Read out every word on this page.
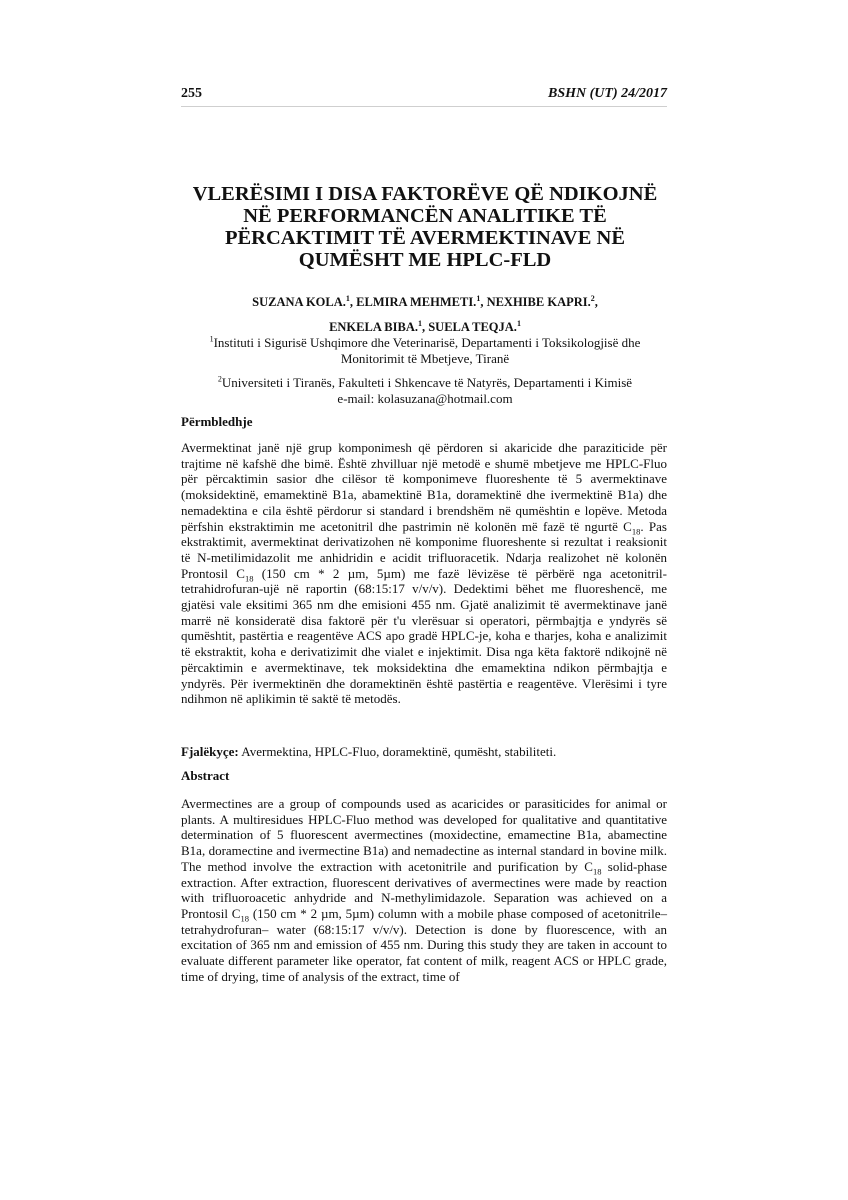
255	BSHN (UT) 24/2017
VLERËSIMI I DISA FAKTORËVE QË NDIKOJNË
NË PERFORMANCËN ANALITIKE TË
PËRCAKTIMIT TË AVERMEKTINAVE NË
QUMËSHT ME HPLC-FLD
SUZANA KOLA.$^1$, ELMIRA MEHMETI.$^1$, NEXHIBE KAPRI.$^2$,
ENKELA BIBA.$^1$, SUELA TEQJA.$^1$
$^1$Instituti i Sigurisë Ushqimore dhe Veterinarisë, Departamenti i Toksikologjisë dhe
Monitorimit të Mbetjeve, Tiranë
$^2$Universiteti i Tiranës, Fakulteti i Shkencave të Natyrës, Departamenti i Kimisë
e-mail: kolasuzana@hotmail.com
Përmbledhje
Avermektinat janë një grup komponimesh që përdoren si akaricide dhe paraziticide për trajtime në kafshë dhe bimë. Është zhvilluar një metodë e shumë mbetjeve me HPLC-Fluo për përcaktimin sasior dhe cilësor të komponimeve fluoreshente të 5 avermektinave (moksidektinë, emamektinë B1a, abamektinë B1a, doramektinë dhe ivermektinë B1a) dhe nemadektina e cila është përdorur si standard i brendshëm në qumështin e lopëve. Metoda përfshin ekstraktimin me acetonitril dhe pastrimin në kolonën më fazë të ngurtë $C_{18}$. Pas ekstraktimit, avermektinat derivatizohen në komponime fluoreshente si rezultat i reaksionit të N-metilimidazolit me anhidridin e acidit trifluoracetik. Ndarja realizohet në kolonën Prontosil $C_{18}$ (150 cm * 2 µm, 5µm) me fazë lëvizëse të përbërë nga acetonitril-tetrahidrofuran-ujë në raportin (68:15:17 v/v/v). Dedektimi bëhet me fluoreshencë, me gjatësi vale eksitimi 365 nm dhe emisioni 455 nm. Gjatë analizimit të avermektinave janë marrë në konsideratë disa faktorë për t'u vlerësuar si operatori, përmbajtja e yndyrës së qumështit, pastërtia e reagentëve ACS apo gradë HPLC-je, koha e tharjes, koha e analizimit të ekstraktit, koha e derivatizimit dhe vialet e injektimit. Disa nga këta faktorë ndikojnë në përcaktimin e avermektinave, tek moksidektina dhe emamektina ndikon përmbajtja e yndyrës. Për ivermektinën dhe doramektinën është pastërtia e reagentëve. Vlerësimi i tyre ndihmon në aplikimin të saktë të metodës.
Fjalëkyçe: Avermektina, HPLC-Fluo, doramektinë, qumësht, stabiliteti.
Abstract
Avermectines are a group of compounds used as acaricides or parasiticides for animal or plants. A multiresidues HPLC-Fluo method was developed for qualitative and quantitative determination of 5 fluorescent avermectines (moxidectine, emamectine B1a, abamectine B1a, doramectine and ivermectine B1a) and nemadectine as internal standard in bovine milk. The method involve the extraction with acetonitrile and purification by $C_{18}$ solid-phase extraction. After extraction, fluorescent derivatives of avermectines were made by reaction with trifluoroacetic anhydride and N-methylimidazole. Separation was achieved on a Prontosil $C_{18}$ (150 cm * 2 µm, 5µm) column with a mobile phase composed of acetonitrile–tetrahydrofuran– water (68:15:17 v/v/v). Detection is done by fluorescence, with an excitation of 365 nm and emission of 455 nm. During this study they are taken in account to evaluate different parameter like operator, fat content of milk, reagent ACS or HPLC grade, time of drying, time of analysis of the extract, time of
